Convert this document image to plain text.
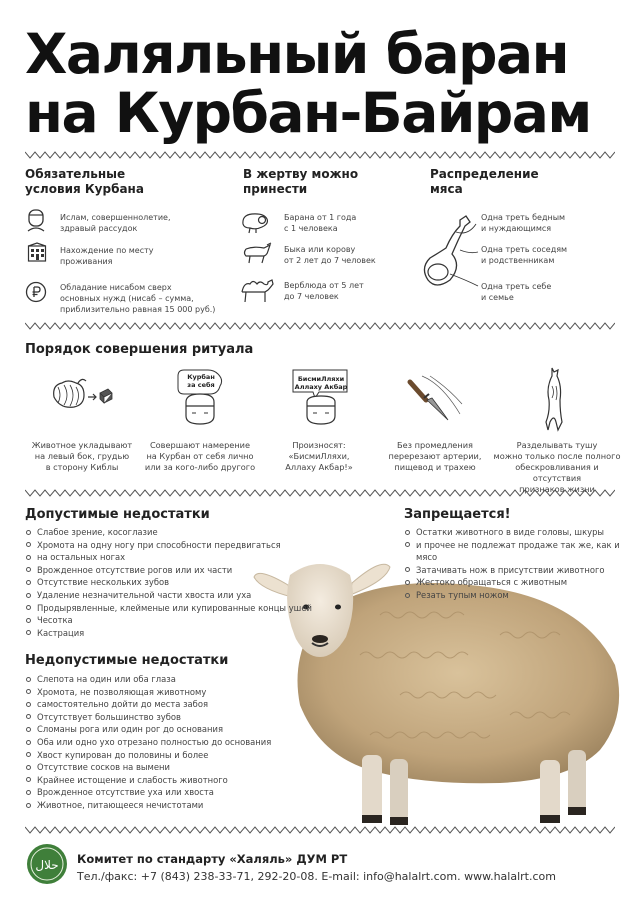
Халяльный баран
на Курбан-Байрам
Обязательные
условия Курбана
Ислам, совершеннолетие,
здравый рассудок
Нахождение по месту
проживания
Обладание нисабом сверх
основных нужд (нисаб – сумма,
приблизительно равная 15 000 руб.)
В жертву можно
принести
Барана от 1 года
с 1 человека
Быка или корову
от 2 лет до 7 человек
Верблюда от 5 лет
до 7 человек
Распределение
мяса
Одна треть бедным
и нуждающимся
Одна треть соседям
и родственникам
Одна треть себе
и семье
Порядок совершения ритуала
Животное укладывают
на левый бок, грудью
в сторону Киблы
Курбан
за себя
Совершают намерение
на Курбан от себя лично
или за кого-либо другого
БисмиЛляхи
Аллаху Акбар
Произносят:
«БисмиЛляхи,
Аллаху Акбар!»
Без промедления
перерезают артерии,
пищевод и трахею
Разделывать тушу
можно только после полного
обескровливания и отсутствия
признаков жизни
Допустимые недостатки
Слабое зрение, косоглазие
Хромота на одну ногу при способности передвигаться
на остальных ногах
Врожденное отсутствие рогов или их части
Отсутствие нескольких зубов
Удаление незначительной части хвоста или уха
Продырявленные, клейменые или купированные концы ушей
Чесотка
Кастрация
Запрещается!
Остатки животного в виде головы, шкуры
и прочее не подлежат продаже так же, как и мясо
Затачивать нож в присутствии животного
Жестоко обращаться с животным
Резать тупым ножом
Недопустимые недостатки
Слепота на один или оба глаза
Хромота, не позволяющая животному
самостоятельно дойти до места забоя
Отсутствует большинство зубов
Сломаны рога или один рог до основания
Оба или одно ухо отрезано полностью до основания
Хвост купирован до половины и более
Отсутствие сосков на вымени
Крайнее истощение и слабость животного
Врожденное отсутствие уха или хвоста
Животное, питающееся нечистотами
حلال Комитет по стандарту «Халяль» ДУМ РТ
Тел./факс: +7 (843) 238-33-71, 292-20-08. E-mail: info@halalrt.com. www.halalrt.com
